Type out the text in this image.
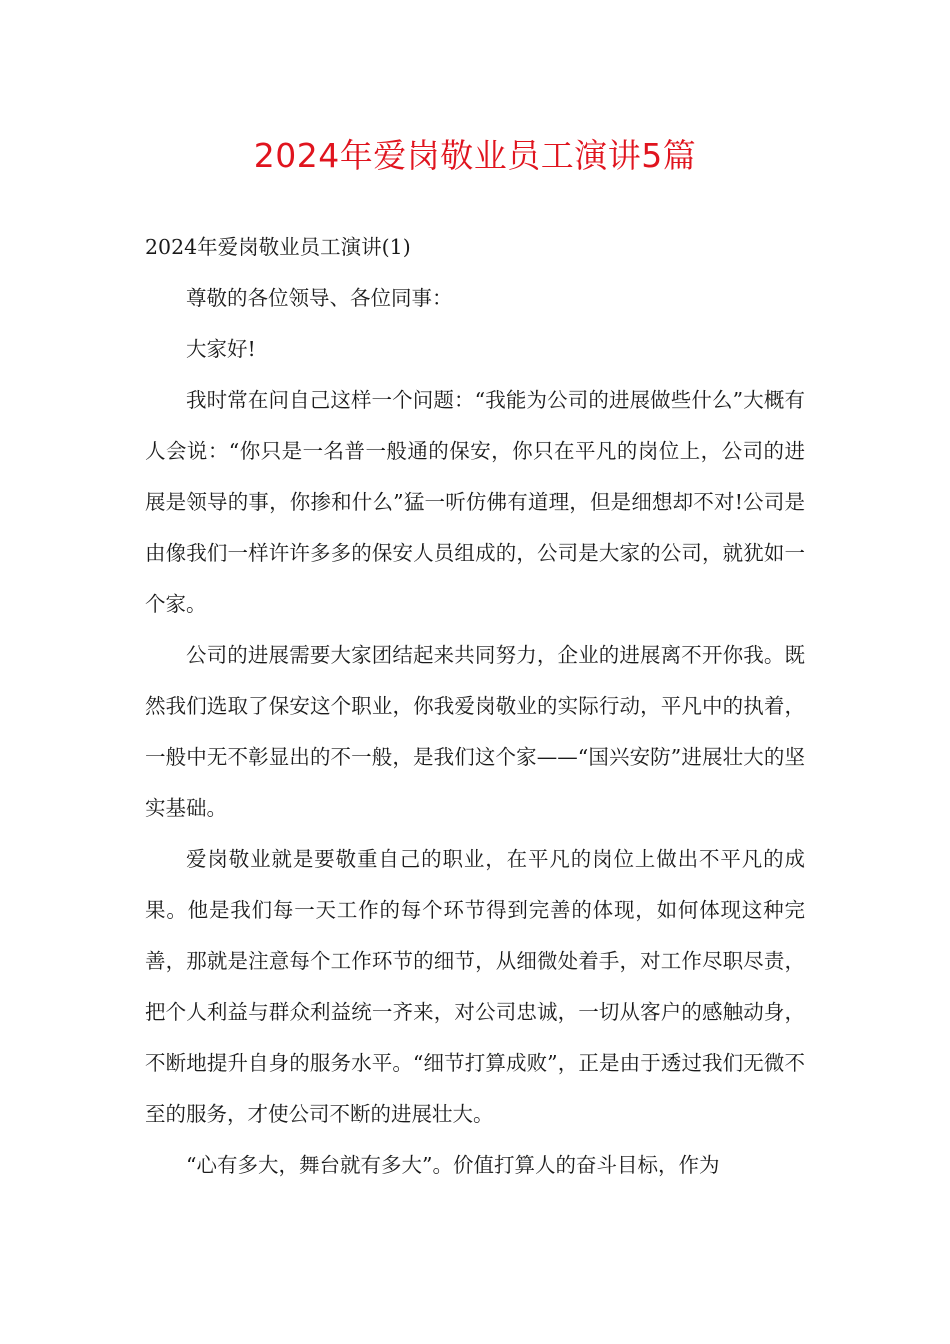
2024年爱岗敬业员工演讲5篇

2024年爱岗敬业员工演讲(1)

尊敬的各位领导、各位同事：

大家好!

我时常在问自己这样一个问题：“我能为公司的进展做些什么”大概有人会说：“你只是一名普一般通的保安，你只在平凡的岗位上，公司的进展是领导的事，你掺和什么”猛一听仿佛有道理，但是细想却不对!公司是由像我们一样许许多多的保安人员组成的，公司是大家的公司，就犹如一个家。

公司的进展需要大家团结起来共同努力，企业的进展离不开你我。既然我们选取了保安这个职业，你我爱岗敬业的实际行动，平凡中的执着，一般中无不彰显出的不一般，是我们这个家——“国兴安防”进展壮大的坚实基础。

爱岗敬业就是要敬重自己的职业，在平凡的岗位上做出不平凡的成果。他是我们每一天工作的每个环节得到完善的体现，如何体现这种完善，那就是注意每个工作环节的细节，从细微处着手，对工作尽职尽责，把个人利益与群众利益统一齐来，对公司忠诚，一切从客户的感触动身，不断地提升自身的服务水平。“细节打算成败”，正是由于透过我们无微不至的服务，才使公司不断的进展壮大。

“心有多大，舞台就有多大”。价值打算人的奋斗目标，作为
